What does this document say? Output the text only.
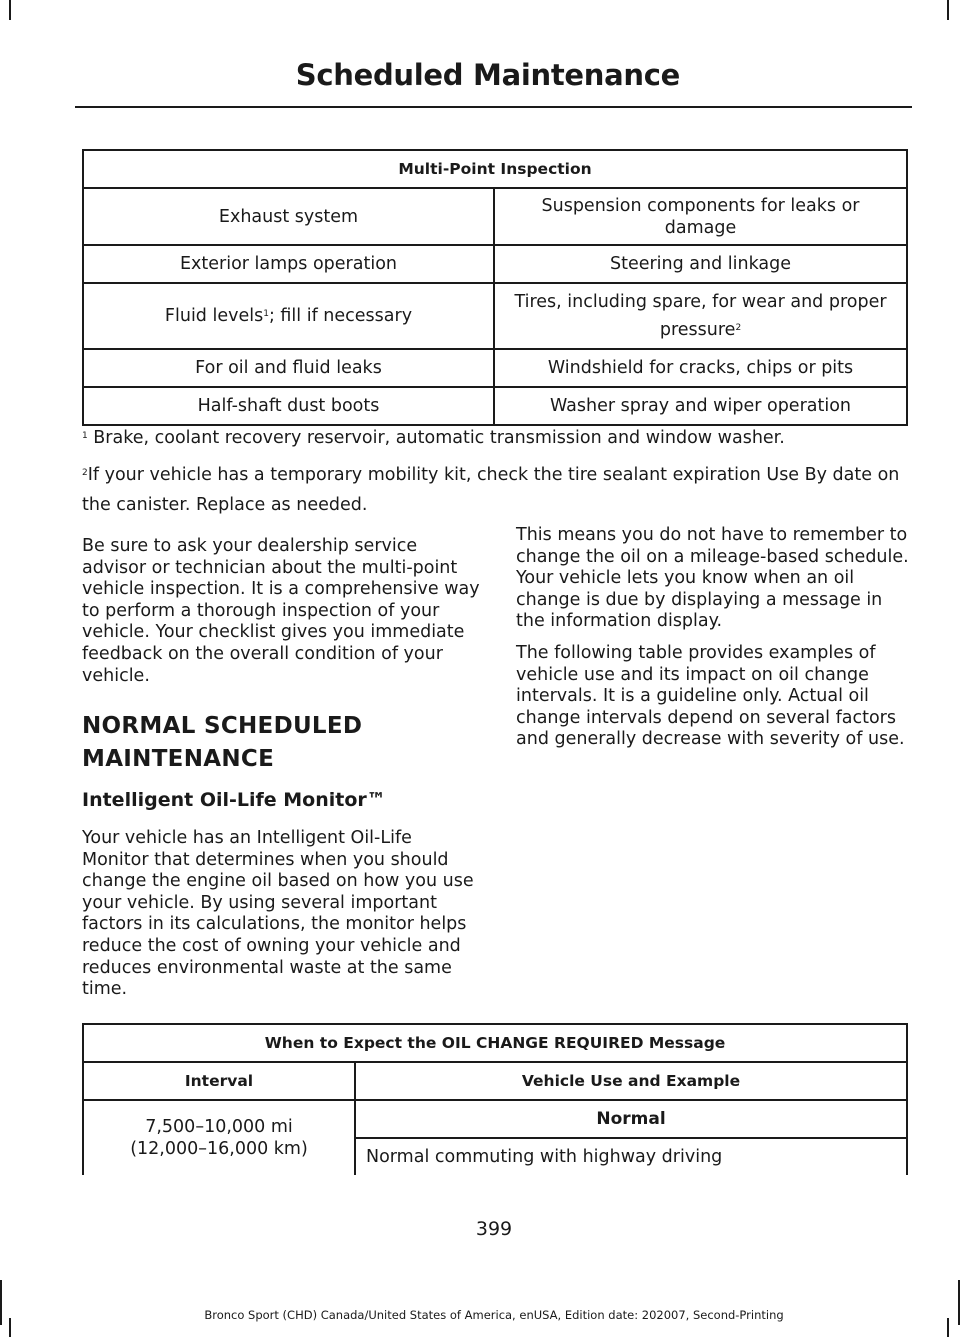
Scheduled Maintenance
Multi-Point Inspection	
Exhaust system	Suspension components for leaks or damage
Exterior lamps operation	Steering and linkage
Fluid levels$^1$; fill if necessary	Tires, including spare, for wear and proper pressure$^2$
For oil and fluid leaks	Windshield for cracks, chips or pits
Half-shaft dust boots	Washer spray and wiper operation
$^1$ Brake, coolant recovery reservoir, automatic transmission and window washer.
$^2$If your vehicle has a temporary mobility kit, check the tire sealant expiration Use By date on the canister. Replace as needed.

Be sure to ask your dealership service advisor or technician about the multi-point vehicle inspection. It is a comprehensive way to perform a thorough inspection of your vehicle. Your checklist gives you immediate feedback on the overall condition of your vehicle.

NORMAL SCHEDULED
MAINTENANCE
Intelligent Oil-Life Monitor™

Your vehicle has an Intelligent Oil-Life Monitor that determines when you should change the engine oil based on how you use your vehicle. By using several important factors in its calculations, the monitor helps reduce the cost of owning your vehicle and reduces environmental waste at the same time.

This means you do not have to remember to change the oil on a mileage-based schedule. Your vehicle lets you know when an oil change is due by displaying a message in the information display.

The following table provides examples of vehicle use and its impact on oil change intervals. It is a guideline only. Actual oil change intervals depend on several factors and generally decrease with severity of use.

When to Expect the OIL CHANGE REQUIRED Message	
Interval	Vehicle Use and Example

7,500–10,000 mi
(12,000–16,000 km)	Normal
	Normal commuting with highway driving
399
Bronco Sport (CHD) Canada/United States of America, enUSA, Edition date: 202007, Second-Printing
